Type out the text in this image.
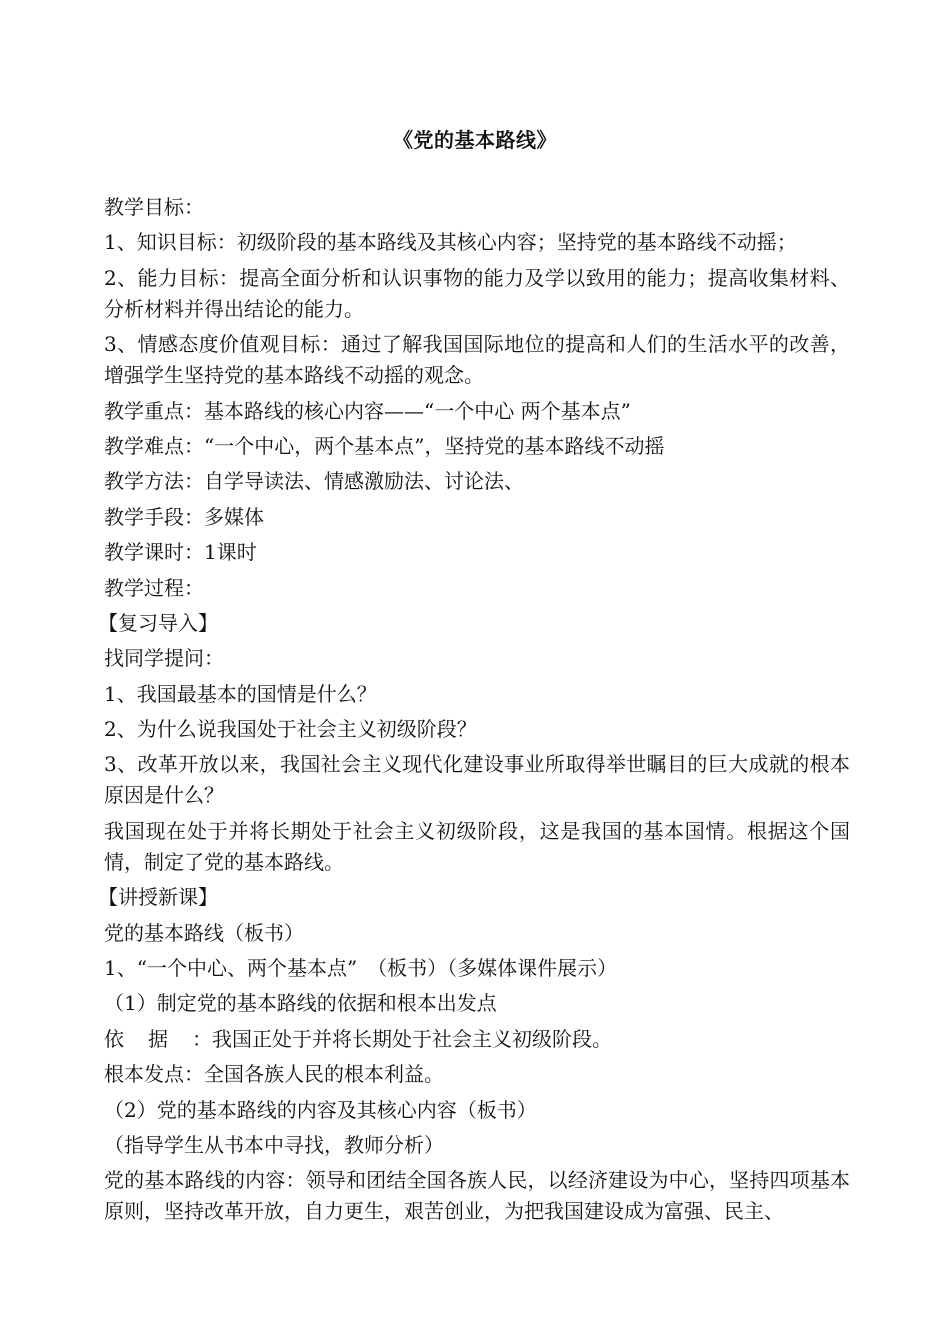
《党的基本路线》

教学目标：

1、知识目标：初级阶段的基本路线及其核心内容；坚持党的基本路线不动摇；

2、能力目标：提高全面分析和认识事物的能力及学以致用的能力；提高收集材料、分析材料并得出结论的能力。

3、情感态度价值观目标：通过了解我国国际地位的提高和人们的生活水平的改善，增强学生坚持党的基本路线不动摇的观念。

教学重点：基本路线的核心内容——“一个中心 两个基本点”

教学难点：“一个中心，两个基本点”，坚持党的基本路线不动摇

教学方法：自学导读法、情感激励法、讨论法、

教学手段：多媒体

教学课时：1课时

教学过程：

【复习导入】

找同学提问：

1、我国最基本的国情是什么？

2、为什么说我国处于社会主义初级阶段？

3、改革开放以来，我国社会主义现代化建设事业所取得举世瞩目的巨大成就的根本原因是什么？

我国现在处于并将长期处于社会主义初级阶段，这是我国的基本国情。根据这个国情，制定了党的基本路线。

【讲授新课】

党的基本路线（板书）

1、“一个中心、两个基本点”　（板书）（多媒体课件展示）

（1）制定党的基本路线的依据和根本出发点

依据：我国正处于并将长期处于社会主义初级阶段。

根本发点：全国各族人民的根本利益。

（2）党的基本路线的内容及其核心内容（板书）

（指导学生从书本中寻找，教师分析）

党的基本路线的内容：领导和团结全国各族人民，以经济建设为中心，坚持四项基本原则，坚持改革开放，自力更生，艰苦创业，为把我国建设成为富强、民主、
